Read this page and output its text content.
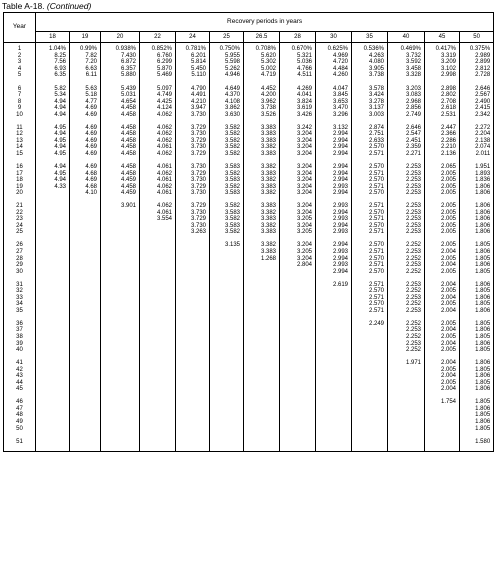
Table A-18. (Continued)
Year	Recovery periods in years												
	18	19	20	22	24	25	26.5	28	30	35	40	45	50

1	1.04%	0.99%	0.938%	0.852%	0.781%	0.750%	0.708%	0.670%	0.625%	0.536%	0.469%	0.417%	0.375%
2	8.25	7.82	7.430	6.760	6.201	5.955	5.620	5.321	4.969	4.263	3.732	3.319	2.989
3	7.56	7.20	6.872	6.299	5.814	5.598	5.302	5.036	4.720	4.080	3.592	3.209	2.899
4	6.93	6.63	6.357	5.870	5.450	5.262	5.002	4.766	4.484	3.905	3.458	3.102	2.812
5	6.35	6.11	5.880	5.469	5.110	4.946	4.719	4.511	4.260	3.738	3.328	2.998	2.728

6	5.82	5.63	5.439	5.097	4.790	4.649	4.452	4.269	4.047	3.578	3.203	2.898	2.646
7	5.34	5.18	5.031	4.749	4.491	4.370	4.200	4.041	3.845	3.424	3.083	2.802	2.567
8	4.94	4.77	4.654	4.425	4.210	4.108	3.962	3.824	3.653	3.278	2.968	2.708	2.490
9	4.94	4.69	4.458	4.124	3.947	3.862	3.738	3.619	3.470	3.137	2.856	2.618	2.415
10	4.94	4.69	4.458	4.062	3.730	3.630	3.526	3.426	3.296	3.003	2.749	2.531	2.342

11	4.95	4.69	4.458	4.062	3.729	3.582	3.383	3.242	3.132	2.874	2.646	2.447	2.272
12	4.94	4.69	4.458	4.062	3.730	3.582	3.383	3.204	2.994	2.751	2.547	2.366	2.204
13	4.95	4.69	4.458	4.062	3.729	3.582	3.383	3.204	2.994	2.633	2.451	2.286	2.138
14	4.94	4.69	4.458	4.061	3.730	3.582	3.382	3.204	2.994	2.570	2.359	2.210	2.074
15	4.95	4.69	4.458	4.062	3.729	3.582	3.383	3.204	2.994	2.571	2.271	2.136	2.011

16	4.94	4.69	4.458	4.061	3.730	3.583	3.382	3.204	2.994	2.570	2.253	2.065	1.951
17	4.95	4.68	4.458	4.062	3.729	3.582	3.383	3.204	2.994	2.571	2.253	2.005	1.893
18	4.94	4.69	4.459	4.061	3.730	3.583	3.382	3.204	2.994	2.570	2.253	2.005	1.836
19	4.33	4.68	4.458	4.062	3.729	3.582	3.383	3.204	2.993	2.571	2.253	2.005	1.806
20		4.10	4.459	4.061	3.730	3.583	3.382	3.204	2.994	2.570	2.253	2.005	1.806

21			3.901	4.062	3.729	3.582	3.383	3.204	2.993	2.571	2.253	2.005	1.806
22				4.061	3.730	3.583	3.382	3.204	2.994	2.570	2.253	2.005	1.806
23				3.554	3.729	3.582	3.383	3.205	2.993	2.571	2.253	2.005	1.806
24					3.730	3.583	3.382	3.204	2.994	2.570	2.253	2.005	1.806
25					3.263	3.582	3.383	3.205	2.993	2.571	2.253	2.005	1.806

26						3.135	3.382	3.204	2.994	2.570	2.252	2.005	1.805
27							3.383	3.205	2.993	2.571	2.253	2.004	1.806
28							1.268	3.204	2.994	2.570	2.252	2.005	1.805
29								2.804	2.993	2.571	2.253	2.004	1.806
30									2.994	2.570	2.252	2.005	1.805

31									2.619	2.571	2.253	2.004	1.806
32										2.570	2.252	2.005	1.805
33										2.571	2.253	2.004	1.806
34										2.570	2.252	2.005	1.805
35										2.571	2.253	2.004	1.806

36										2.249	2.252	2.005	1.805
37											2.253	2.004	1.806
38											2.252	2.005	1.805
39											2.253	2.004	1.806
40											2.252	2.005	1.805

41											1.971	2.004	1.806
42												2.005	1.805
43												2.004	1.806
44												2.005	1.805
45												2.004	1.806

46												1.754	1.805
47													1.806
48													1.805
49													1.806
50													1.805

51													1.580
